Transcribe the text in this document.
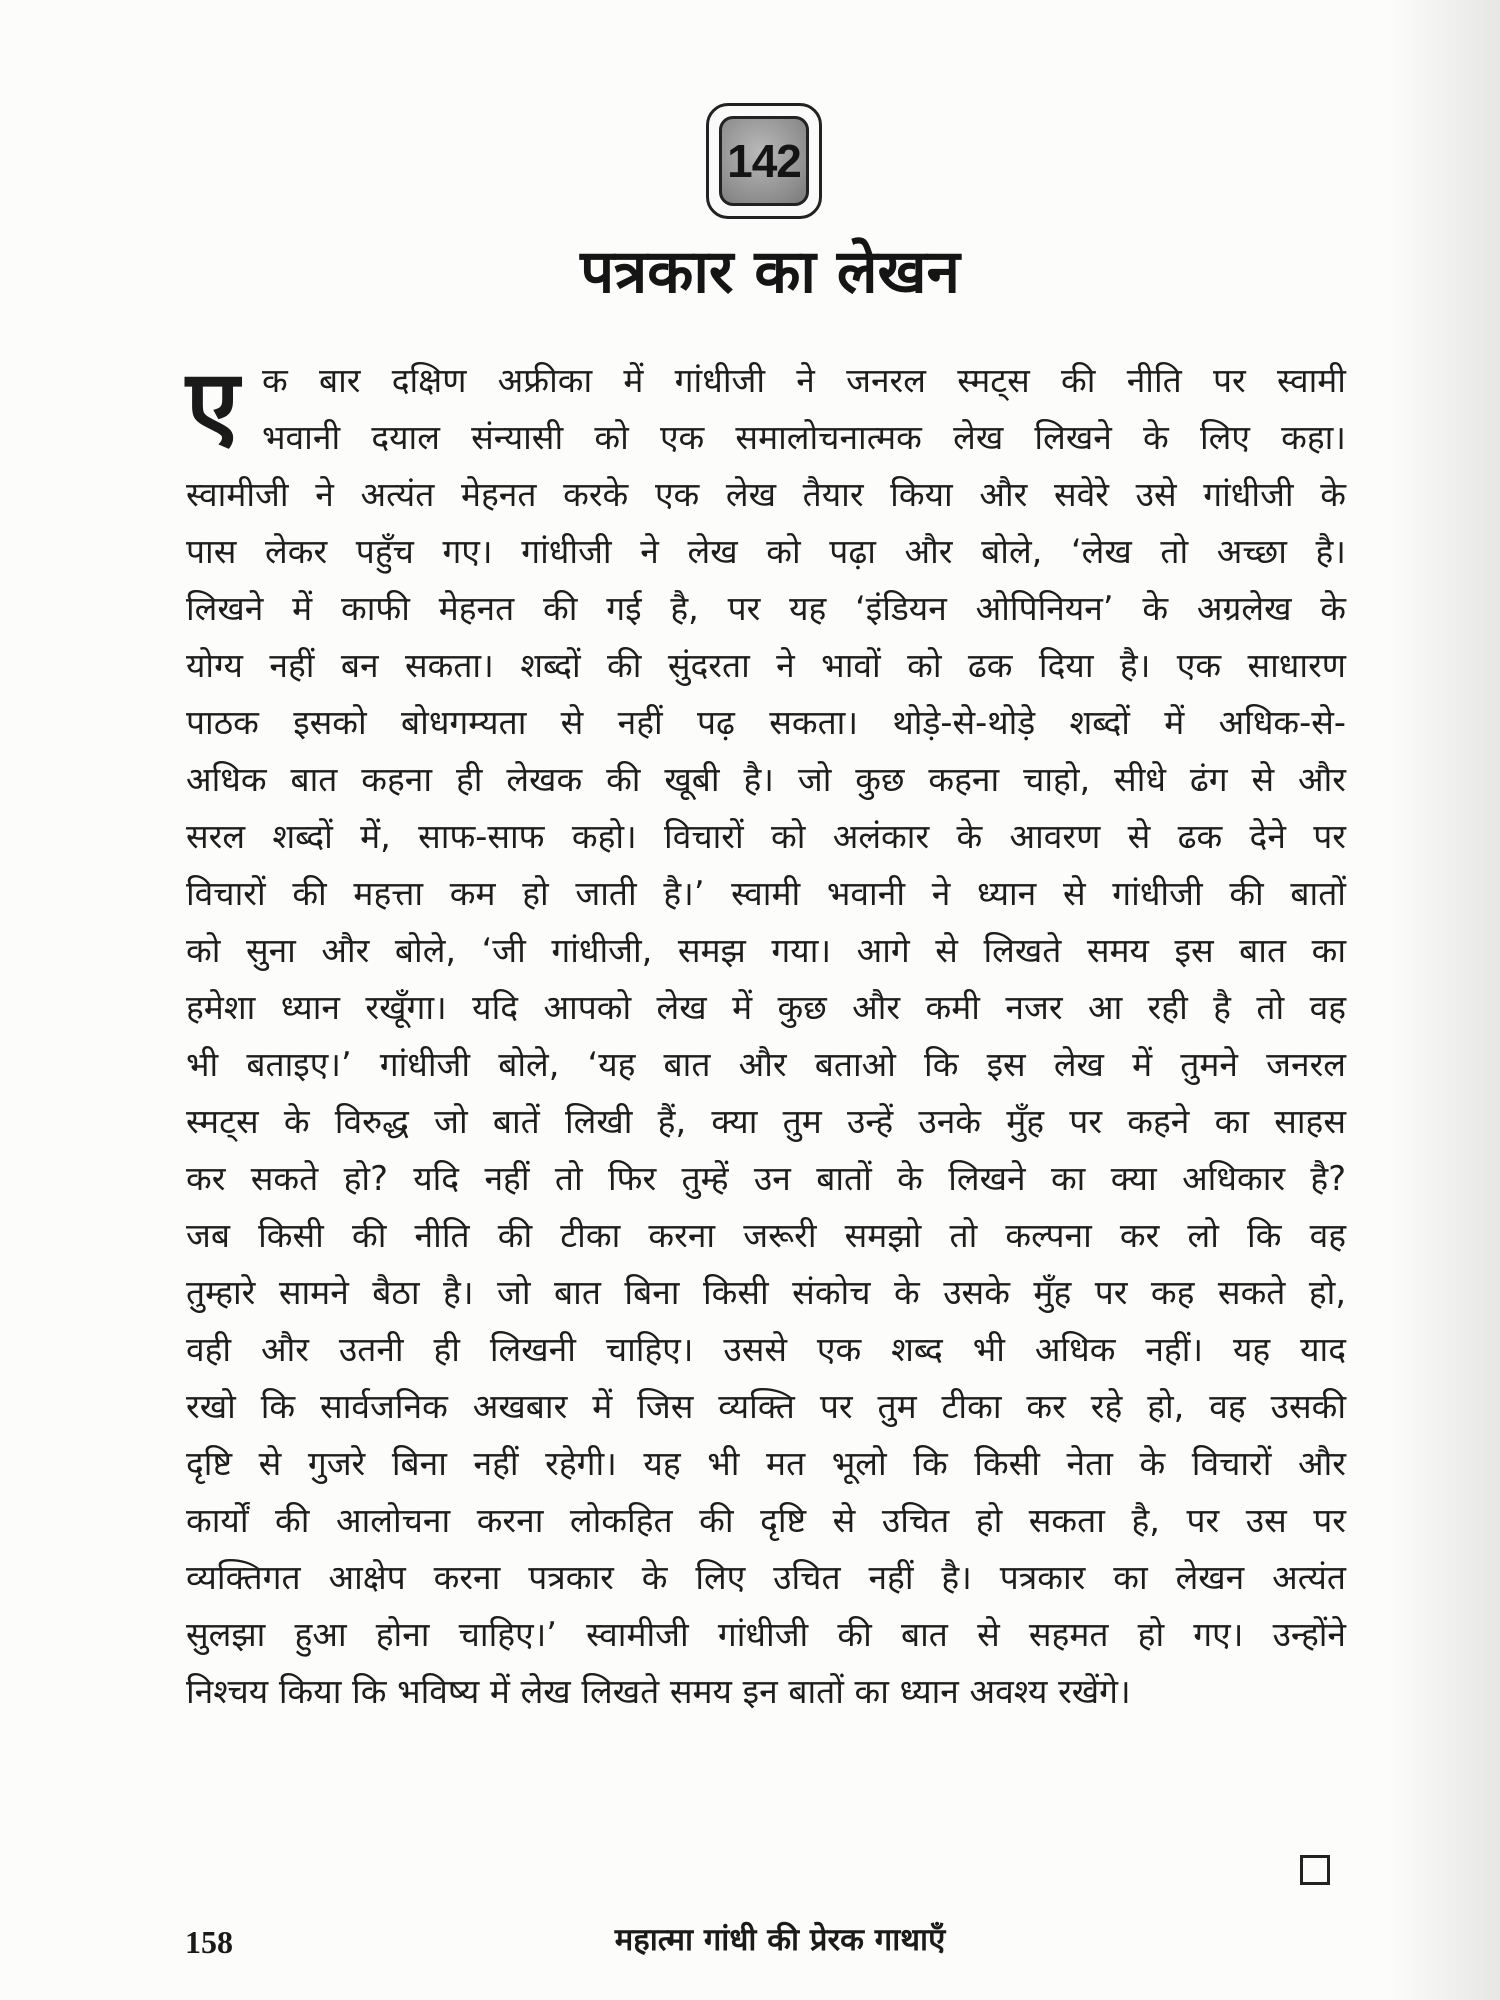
142
पत्रकार का लेखन
ए क बार दक्षिण अफ्रीका में गांधीजी ने जनरल स्मट्स की नीति पर स्वामी
भवानी दयाल संन्यासी को एक समालोचनात्मक लेख लिखने के लिए कहा।
स्वामीजी ने अत्यंत मेहनत करके एक लेख तैयार किया और सवेरे उसे गांधीजी के
पास लेकर पहुँच गए। गांधीजी ने लेख को पढ़ा और बोले, ‘लेख तो अच्छा है।
लिखने में काफी मेहनत की गई है, पर यह ‘इंडियन ओपिनियन’ के अग्रलेख के
योग्य नहीं बन सकता। शब्दों की सुंदरता ने भावों को ढक दिया है। एक साधारण
पाठक इसको बोधगम्यता से नहीं पढ़ सकता। थोड़े-से-थोड़े शब्दों में अधिक-से-
अधिक बात कहना ही लेखक की खूबी है। जो कुछ कहना चाहो, सीधे ढंग से और
सरल शब्दों में, साफ-साफ कहो। विचारों को अलंकार के आवरण से ढक देने पर
विचारों की महत्ता कम हो जाती है।’ स्वामी भवानी ने ध्यान से गांधीजी की बातों
को सुना और बोले, ‘जी गांधीजी, समझ गया। आगे से लिखते समय इस बात का
हमेशा ध्यान रखूँगा। यदि आपको लेख में कुछ और कमी नजर आ रही है तो वह
भी बताइए।’ गांधीजी बोले, ‘यह बात और बताओ कि इस लेख में तुमने जनरल
स्मट्स के विरुद्ध जो बातें लिखी हैं, क्या तुम उन्हें उनके मुँह पर कहने का साहस
कर सकते हो? यदि नहीं तो फिर तुम्हें उन बातों के लिखने का क्या अधिकार है?
जब किसी की नीति की टीका करना जरूरी समझो तो कल्पना कर लो कि वह
तुम्हारे सामने बैठा है। जो बात बिना किसी संकोच के उसके मुँह पर कह सकते हो,
वही और उतनी ही लिखनी चाहिए। उससे एक शब्द भी अधिक नहीं। यह याद
रखो कि सार्वजनिक अखबार में जिस व्यक्ति पर तुम टीका कर रहे हो, वह उसकी
दृष्टि से गुजरे बिना नहीं रहेगी। यह भी मत भूलो कि किसी नेता के विचारों और
कार्यों की आलोचना करना लोकहित की दृष्टि से उचित हो सकता है, पर उस पर
व्यक्तिगत आक्षेप करना पत्रकार के लिए उचित नहीं है। पत्रकार का लेखन अत्यंत
सुलझा हुआ होना चाहिए।’ स्वामीजी गांधीजी की बात से सहमत हो गए। उन्होंने
निश्चय किया कि भविष्य में लेख लिखते समय इन बातों का ध्यान अवश्य रखेंगे।
158	महात्मा गांधी की प्रेरक गाथाएँ
